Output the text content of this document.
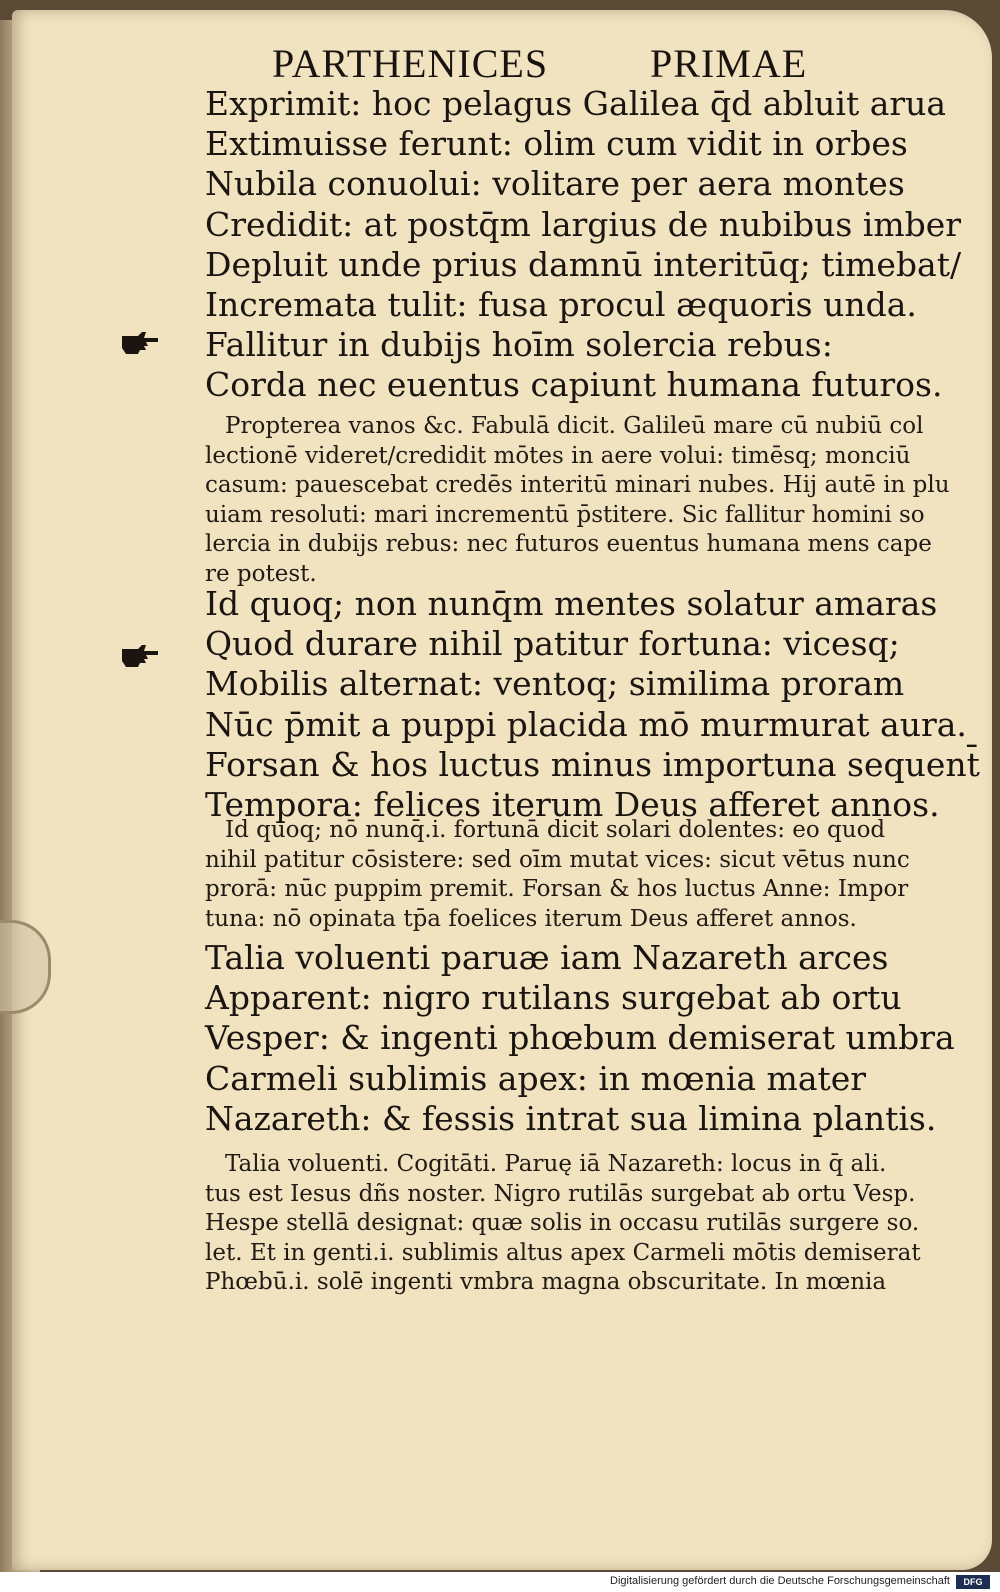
PARTHENICES	PRIMAE
Exprimit: hoc pelagus Galilea q̄d abluit arua
Extimuisse ferunt: olim cum vidit in orbes
Nubila conuolui: volitare per aera montes
Credidit: at postq̄m largius de nubibus imber
Depluit unde prius damnū interitūq; timebat/
Incremata tulit: fusa procul æquoris unda.
Fallitur in dubijs hoīm solercia rebus:
Corda nec euentus capiunt humana futuros.
Propterea vanos &c. Fabulā dicit. Galileū mare cū nubiū col
lectionē videret/credidit mōtes in aere volui: timēsq; monciū
casum: pauescebat credēs interitū minari nubes. Hij autē in plu
uiam resoluti: mari incrementū p̄stitere. Sic fallitur homini so
lercia in dubijs rebus: nec futuros euentus humana mens cape
re potest.
Id quoq; non nunq̄m mentes solatur amaras
Quod durare nihil patitur fortuna: vicesq;
Mobilis alternat: ventoq; similima proram
Nūc p̄mit a puppi placida mō murmurat aura.
Forsan & hos luctus minus importuna sequent̄
Tempora: felices iterum Deus afferet annos.
Id quoq; nō nunq̄.i. fortunā dicit solari dolentes: eo quod
nihil patitur cōsistere: sed oīm mutat vices: sicut vētus nunc
prorā: nūc puppim premit. Forsan & hos luctus Anne: Impor
tuna: nō opinata tp̄a foelices iterum Deus afferet annos.
Talia voluenti paruæ iam Nazareth arces
Apparent: nigro rutilans surgebat ab ortu
Vesper: & ingenti phœbum demiserat umbra
Carmeli sublimis apex: in mœnia mater
Nazareth: & fessis intrat sua limina plantis.
Talia voluenti. Cogitāti. Paruę iā Nazareth: locus in q̄ ali.
tus est Iesus dñs noster. Nigro rutilās surgebat ab ortu Vesp.
Hespe stellā designat: quæ solis in occasu rutilās surgere so.
let. Et in genti.i. sublimis altus apex Carmeli mōtis demiserat
Phœbū.i. solē ingenti vmbra magna obscuritate. In mœnia
Digitalisierung gefördert durch die Deutsche Forschungsgemeinschaft	DFG
